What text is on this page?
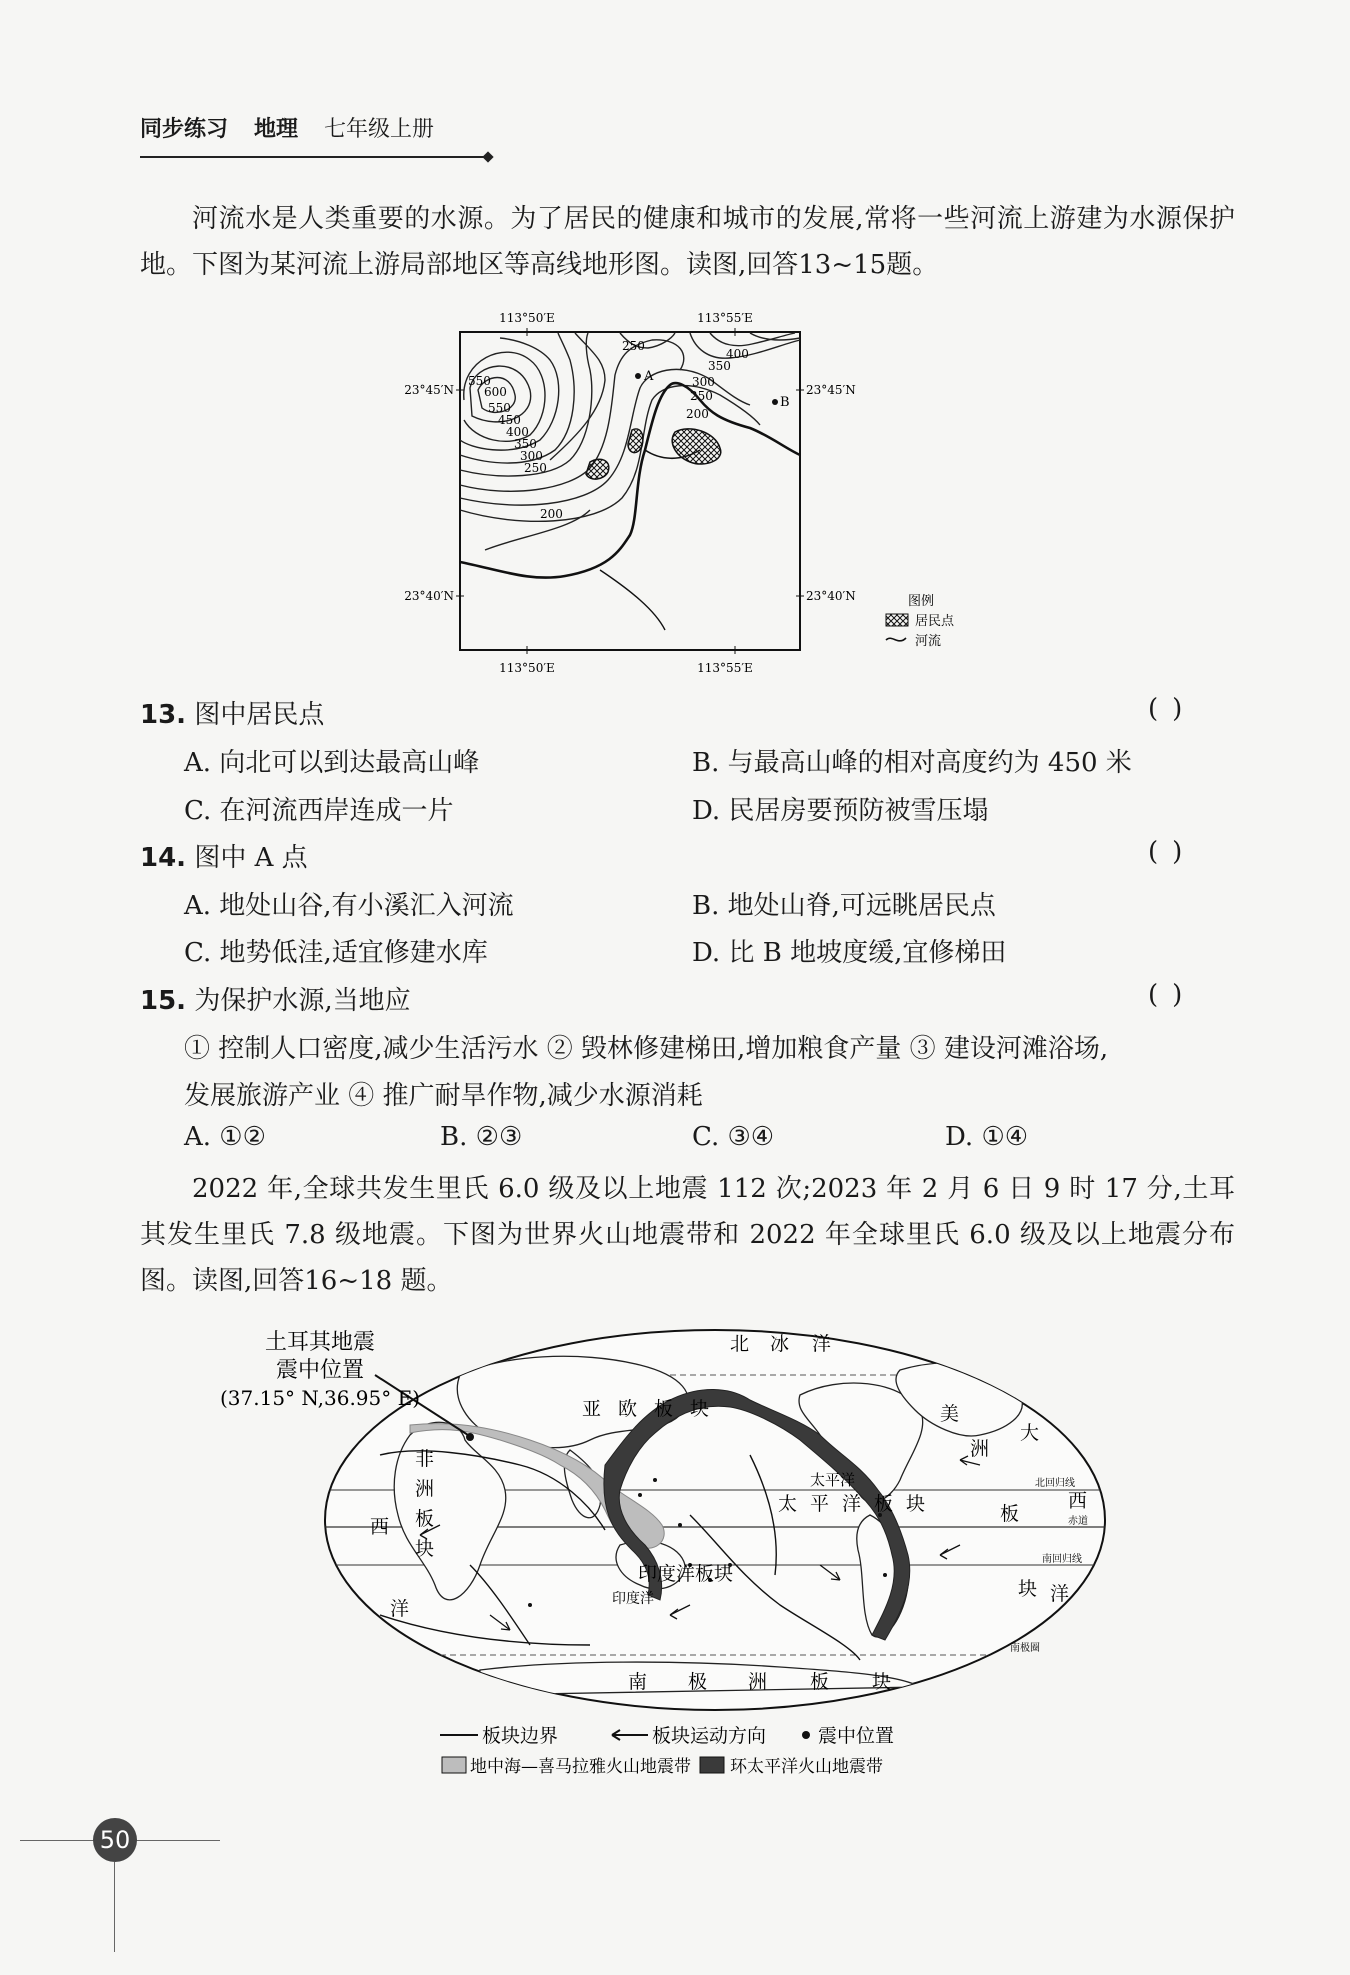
同步练习 地理 七年级上册
河流水是人类重要的水源。为了居民的健康和城市的发展,常将一些河流上游建为水源保护地。下图为某河流上游局部地区等高线地形图。读图,回答13~15题。
113°50′E	113°55′E
113°50′E	113°55′E
23°45′N	23°45′N
23°40′N	23°40′N
550
600
550
450
400
350
300
250
200
250
250
300
350
400
200
A
B
图例
居民点
河流
13. 图中居民点	()
A. 向北可以到达最高山峰	B. 与最高山峰的相对高度约为 450 米
C. 在河流西岸连成一片	D. 民居房要预防被雪压塌
14. 图中 A 点	()
A. 地处山谷,有小溪汇入河流	B. 地处山脊,可远眺居民点
C. 地势低洼,适宜修建水库	D. 比 B 地坡度缓,宜修梯田
15. 为保护水源,当地应	()
① 控制人口密度,减少生活污水 ② 毁林修建梯田,增加粮食产量 ③ 建设河滩浴场,
发展旅游产业 ④ 推广耐旱作物,减少水源消耗
A. ①②	B. ②③	C. ③④	D. ①④
2022 年,全球共发生里氏 6.0 级及以上地震 112 次;2023 年 2 月 6 日 9 时 17 分,土耳其发生里氏 7.8 级地震。下图为世界火山地震带和 2022 年全球里氏 6.0 级及以上地震分布图。读图,回答16~18 题。
土耳其地震
震中位置
(37.15° N,36.95° E)
北 冰 洋
亚 欧 板 块
非
洲
板
块
太平洋
太 平 洋 板 块
印度洋板块
印度洋
美
洲
板
块
南 极 洲 板 块
西
洋
大
西
洋
北回归线
赤道
南回归线
南极圈
板块边界	板块运动方向	震中位置
地中海—喜马拉雅火山地震带 环太平洋火山地震带
50
